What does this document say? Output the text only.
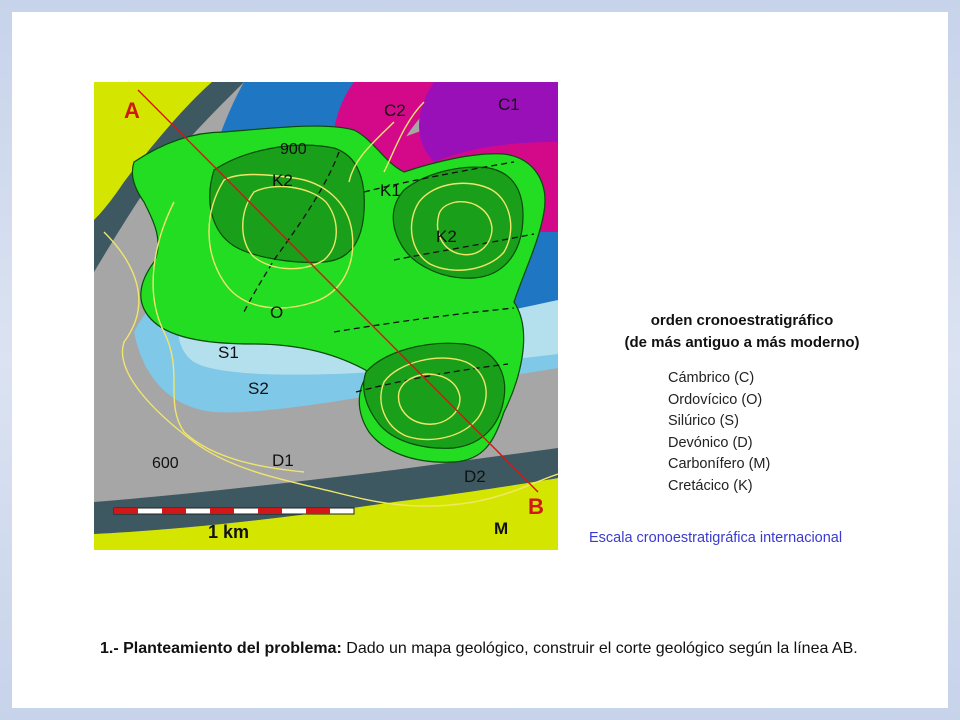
A
B
C1
C2
K1
K2
K2
O
S1
S2
D1
D2
M
900
600
1 km
orden cronoestratigráfico
(de más antiguo a más moderno)
Cámbrico (C)
Ordovícico (O)
Silúrico (S)
Devónico (D)
Carbonífero (M)
Cretácico (K)
Escala cronoestratigráfica internacional
1.- Planteamiento del problema: Dado un mapa geológico, construir el corte geológico según la línea AB.
